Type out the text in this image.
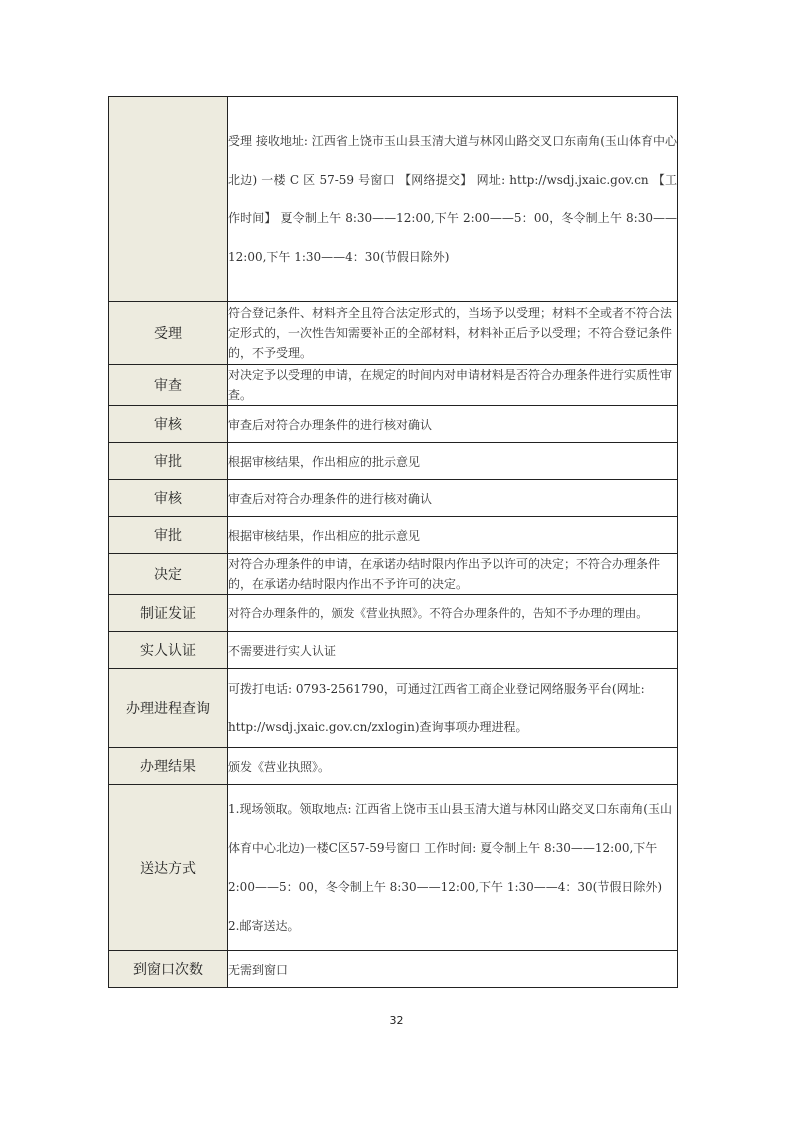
	受理 接收地址: 江西省上饶市玉山县玉清大道与林冈山路交叉口东南角(玉山体育中心北边) 一楼 C 区 57-59 号窗口 【网络提交】 网址: http://wsdj.jxaic.gov.cn 【工作时间】 夏令制上午 8:30——12:00,下午 2:00——5：00，冬令制上午 8:30——12:00,下午 1:30——4：30(节假日除外)
受理	符合登记条件、材料齐全且符合法定形式的，当场予以受理；材料不全或者不符合法定形式的，一次性告知需要补正的全部材料，材料补正后予以受理；不符合登记条件的，不予受理。
审查	对决定予以受理的申请，在规定的时间内对申请材料是否符合办理条件进行实质性审查。
审核	审查后对符合办理条件的进行核对确认
审批	根据审核结果，作出相应的批示意见
审核	审查后对符合办理条件的进行核对确认
审批	根据审核结果，作出相应的批示意见
决定	对符合办理条件的申请，在承诺办结时限内作出予以许可的决定；不符合办理条件的，在承诺办结时限内作出不予许可的决定。
制证发证	对符合办理条件的，颁发《营业执照》。不符合办理条件的，告知不予办理的理由。
实人认证	不需要进行实人认证
办理进程查询	可拨打电话: 0793-2561790，可通过江西省工商企业登记网络服务平台(网址: http://wsdj.jxaic.gov.cn/zxlogin)查询事项办理进程。
办理结果	颁发《营业执照》。
送达方式	1.现场领取。领取地点: 江西省上饶市玉山县玉清大道与林冈山路交叉口东南角(玉山体育中心北边)一楼C区57-59号窗口 工作时间: 夏令制上午 8:30——12:00,下午 2:00——5：00，冬令制上午 8:30——12:00,下午 1:30——4：30(节假日除外) 2.邮寄送达。
到窗口次数	无需到窗口
32
